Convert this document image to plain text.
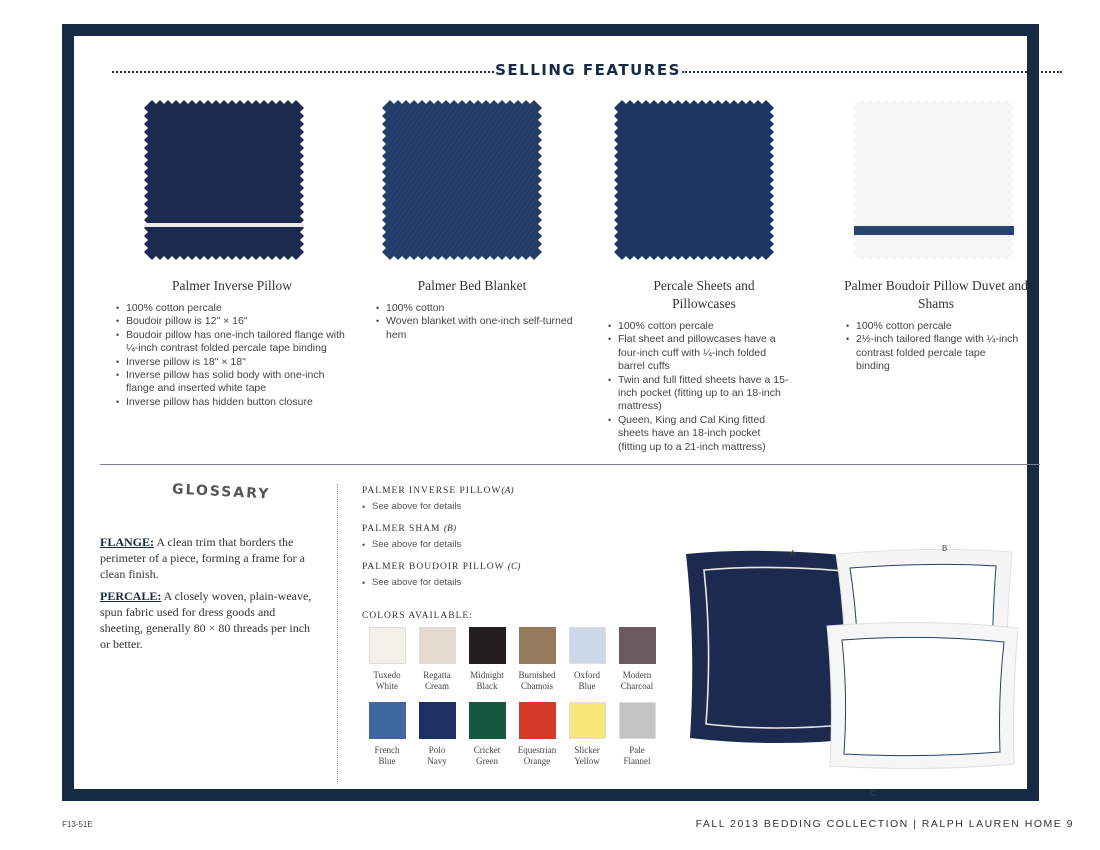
SELLING FEATURES
Palmer Inverse Pillow
• 100% cotton percale
• Boudoir pillow is 12" × 16"
• Boudoir pillow has one-inch tailored flange with ¼-inch contrast folded percale tape binding
• Inverse pillow is 18" × 18"
• Inverse pillow has solid body with one-inch flange and inserted white tape
• Inverse pillow has hidden button closure
Palmer Bed Blanket
• 100% cotton
• Woven blanket with one-inch self-turned hem
Percale Sheets and Pillowcases
• 100% cotton percale
• Flat sheet and pillowcases have a four-inch cuff with ¼-inch folded barrel cuffs
• Twin and full fitted sheets have a 15-inch pocket (fitting up to an 18-inch mattress)
• Queen, King and Cal King fitted sheets have an 18-inch pocket (fitting up to a 21-inch mattress)
Palmer Boudoir Pillow Duvet and Shams
• 100% cotton percale
• 2½-inch tailored flange with ¼-inch contrast folded percale tape binding
GLOSSARY

FLANGE: A clean trim that borders the perimeter of a piece, forming a frame for a clean finish.

PERCALE: A closely woven, plain-weave, spun fabric used for dress goods and sheeting, generally 80 × 80 threads per inch or better.

PALMER INVERSE PILLOW(A)
• See above for details
PALMER SHAM (B)
• See above for details
PALMER BOUDOIR PILLOW (C)
• See above for details
COLORS AVAILABLE:
Tuxedo
White
Regatta
Cream
Midnight
Black
Burnished
Chamois
Oxford
Blue
Modern
Charcoal
French
Blue
Polo
Navy
Cricket
Green
Equestrian
Orange
Slicker
Yellow
Pale
Flannel
A
B
C
F13-51E	FALL 2013 BEDDING COLLECTION | RALPH LAUREN HOME 9
